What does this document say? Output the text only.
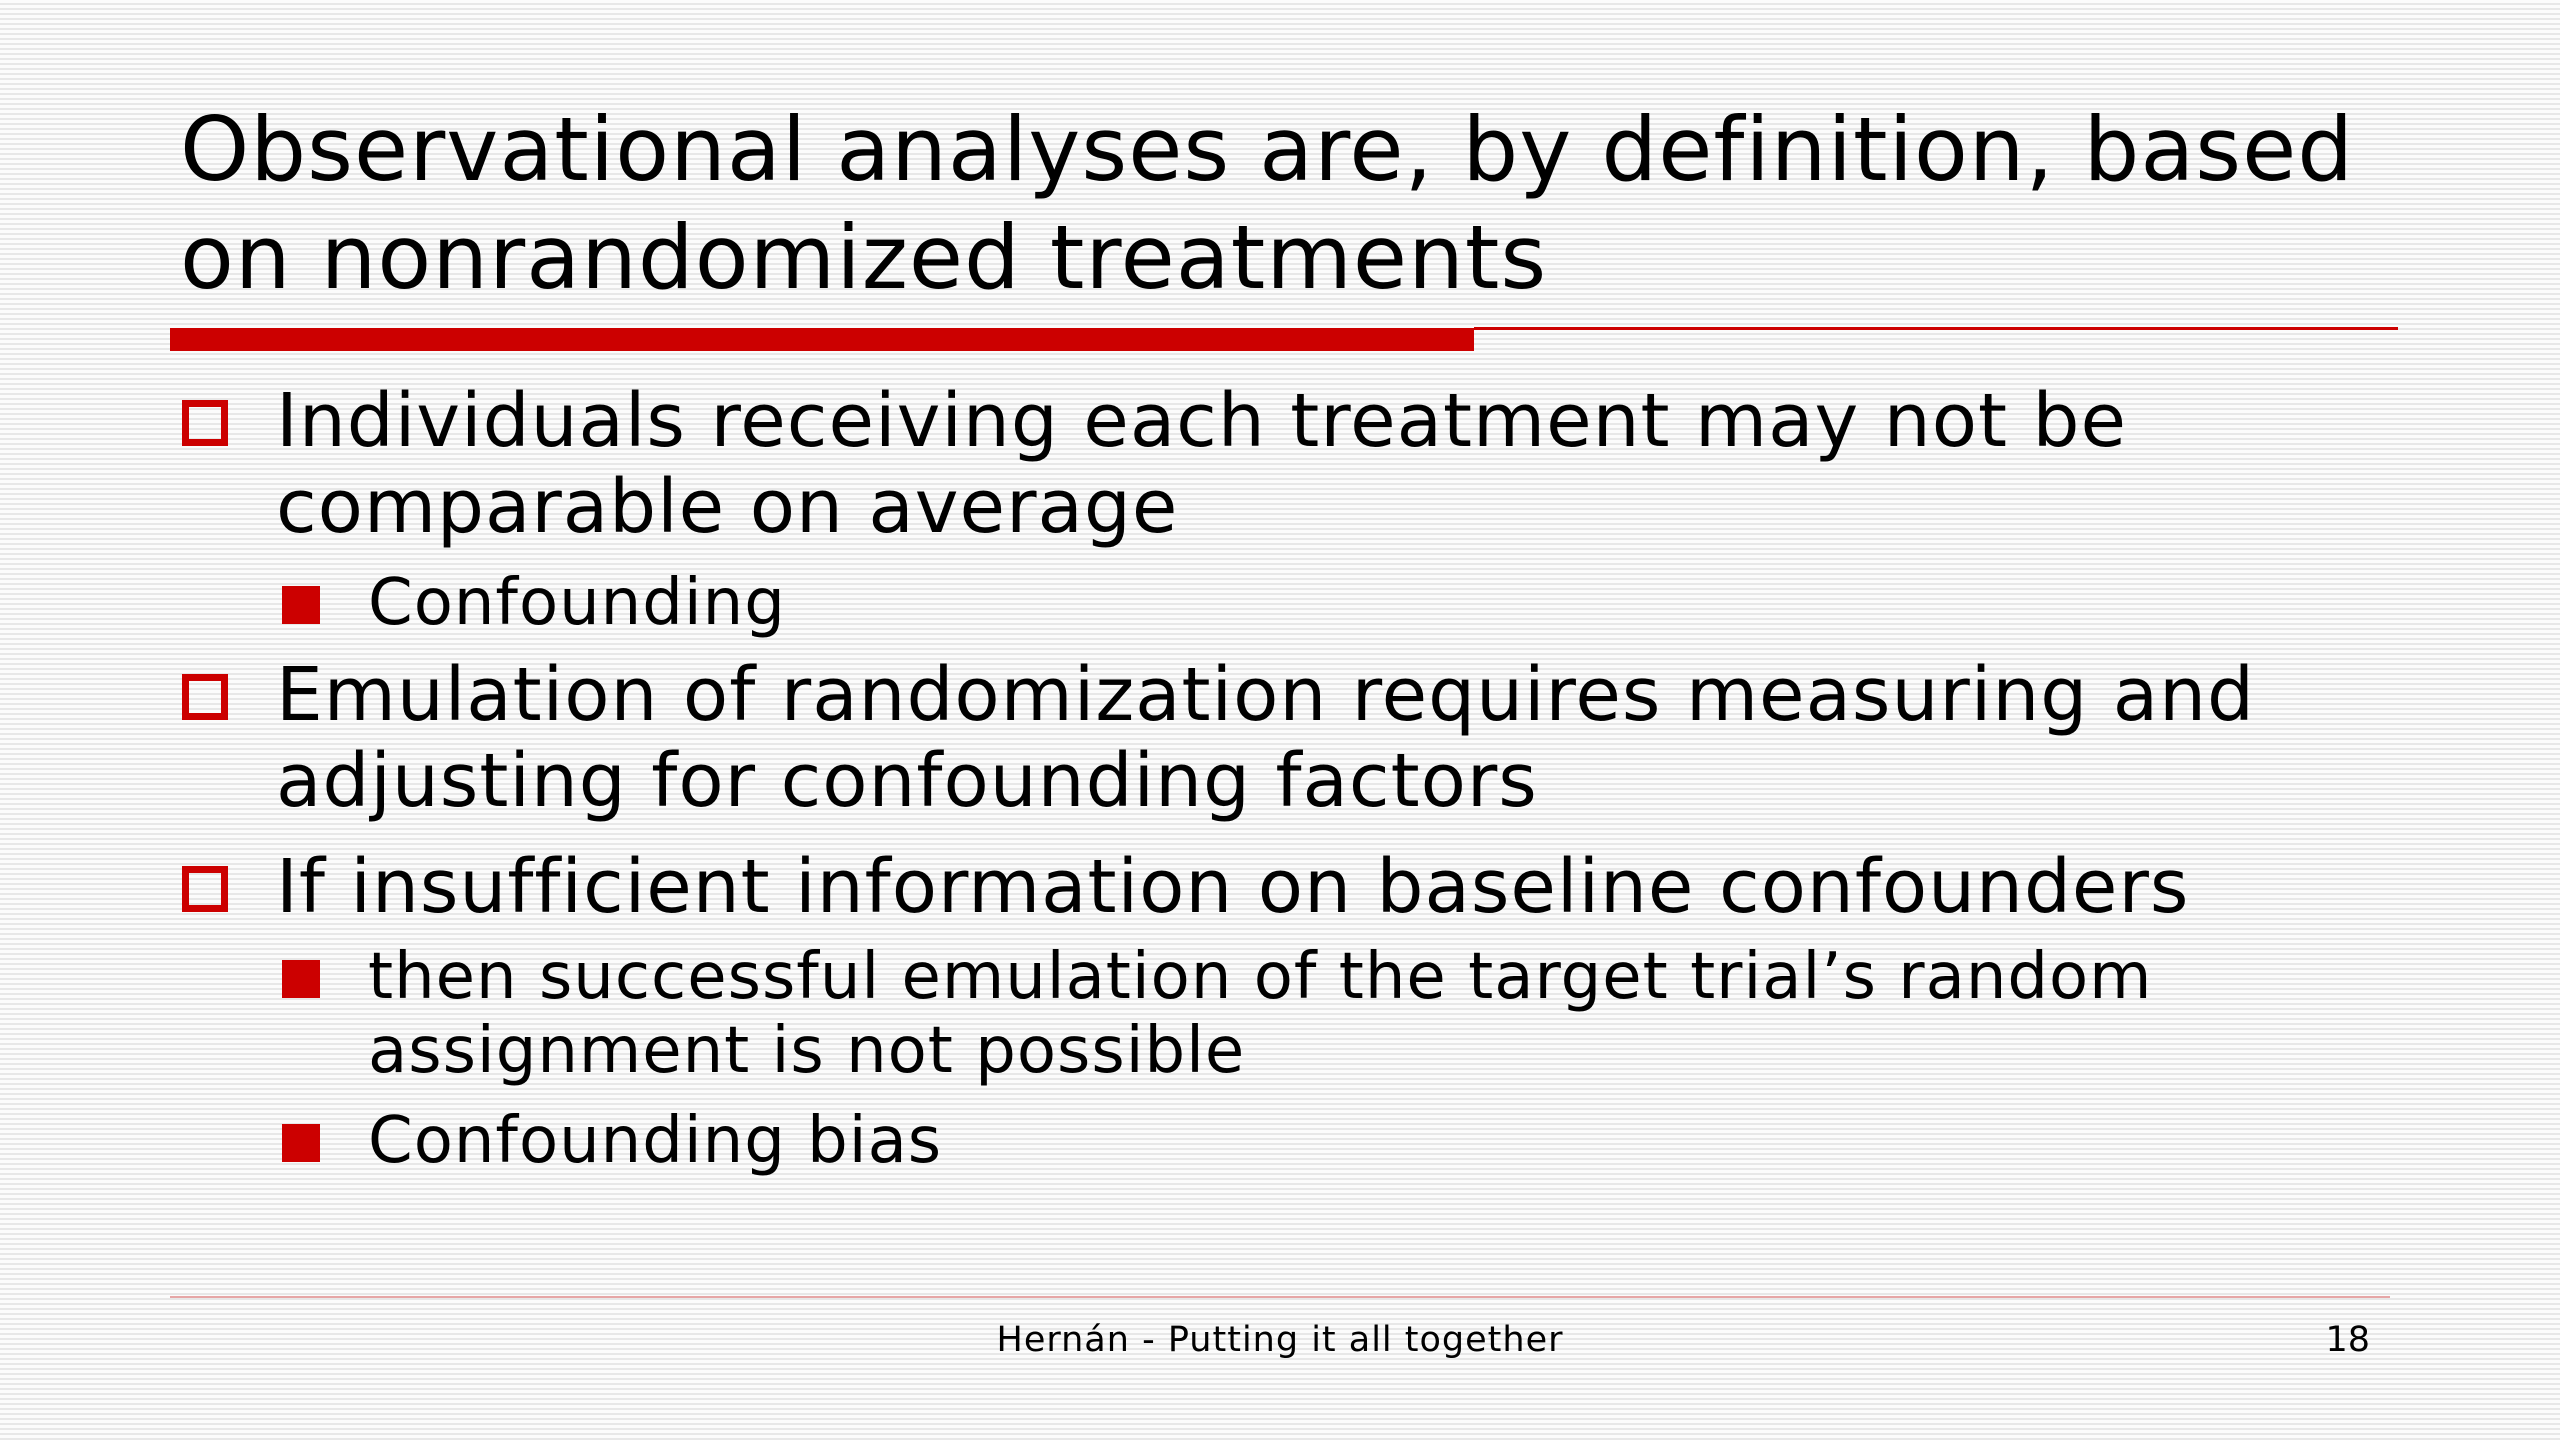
Observational analyses are, by definition, based on nonrandomized treatments
Individuals receiving each treatment may not be comparable on average
Confounding
Emulation of randomization requires measuring and adjusting for confounding factors
If insufficient information on baseline confounders
then successful emulation of the target trial’s random assignment is not possible
Confounding bias
Hernán - Putting it all together	18
